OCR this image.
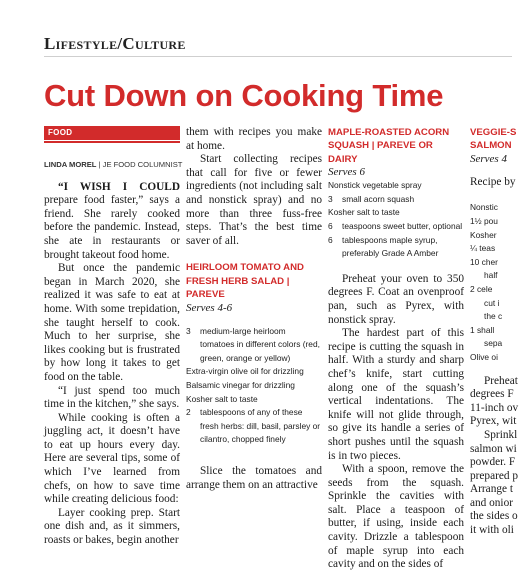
Lifestyle/Culture
Cut Down on Cooking Time
FOOD
LINDA MOREL | JE FOOD COLUMNIST

“I WISH I COULD prepare food faster,” says a friend. She rarely cooked before the pandemic. Instead, she ate in restaurants or brought takeout food home.

But once the pandemic began in March 2020, she realized it was safe to eat at home. With some trepidation, she taught herself to cook. Much to her surprise, she likes cooking but is frustrated by how long it takes to get food on the table.

“I just spend too much time in the kitchen,” she says.

While cooking is often a juggling act, it doesn’t have to eat up hours every day. Here are several tips, some of which I’ve learned from chefs, on how to save time while creating delicious food:

Layer cooking prep. Start one dish and, as it simmers, roasts or bakes, begin another

them with recipes you make at home.

Start collecting recipes that call for five or fewer ingredients (not including salt and nonstick spray) and no more than three fuss-free steps. That’s the best time saver of all.

HEIRLOOM TOMATO AND FRESH HERB SALAD | PAREVE
Serves 4-6
3	medium-large heirloom tomatoes in different colors (red, green, orange or yellow)
Extra-virgin olive oil for drizzling
Balsamic vinegar for drizzling
Kosher salt to taste
2	tablespoons of any of these fresh herbs: dill, basil, parsley or cilantro, chopped finely

Slice the tomatoes and arrange them on an attractive

MAPLE-ROASTED ACORN SQUASH | PAREVE OR DAIRY
Serves 6
Nonstick vegetable spray
3	small acorn squash
Kosher salt to taste
6	teaspoons sweet butter, optional
6	tablespoons maple syrup, preferably Grade A Amber

Preheat your oven to 350 degrees F. Coat an ovenproof pan, such as Pyrex, with nonstick spray.

The hardest part of this recipe is cutting the squash in half. With a sturdy and sharp chef’s knife, start cutting along one of the squash’s vertical indentations. The knife will not glide through, so give its handle a series of short pushes until the squash is in two pieces.

With a spoon, remove the seeds from the squash. Sprinkle the cavities with salt. Place a teaspoon of butter, if using, inside each cavity. Drizzle a tablespoon of maple syrup into each cavity and on the sides of

VEGGIE-S SALMON
Serves 4
Recipe by
Nonstic
1½ pou
Kosher
¼ teas
10 cher
half
2 cele
cut i
the c
1 shall
sepa
Olive oi
Preheat
degrees F
11-inch ov
Pyrex, wit
Sprinkl
salmon wi
powder. F
prepared p
Arrange t
and onior
the sides o
it with oli
